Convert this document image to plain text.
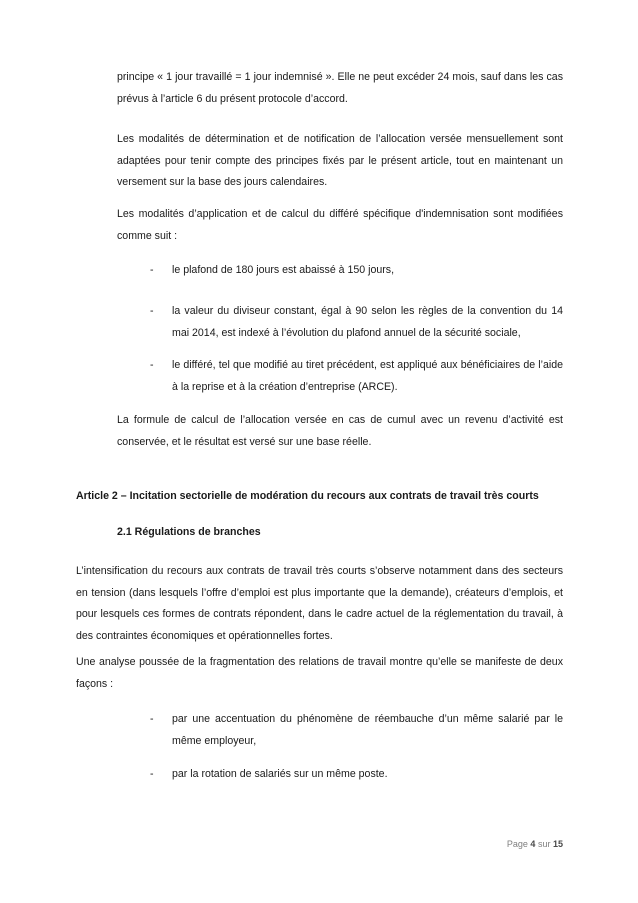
principe « 1 jour travaillé = 1 jour indemnisé ». Elle ne peut excéder 24 mois, sauf dans les cas prévus à l’article 6 du présent protocole d’accord.

Les modalités de détermination et de notification de l’allocation versée mensuellement sont adaptées pour tenir compte des principes fixés par le présent article, tout en maintenant un versement sur la base des jours calendaires.

Les modalités d’application et de calcul du différé spécifique d'indemnisation sont modifiées comme suit :

- le plafond de 180 jours est abaissé à 150 jours,

- la valeur du diviseur constant, égal à 90 selon les règles de la convention du 14 mai 2014, est indexé à l’évolution du plafond annuel de la sécurité sociale,

- le différé, tel que modifié au tiret précédent, est appliqué aux bénéficiaires de l’aide à la reprise et à la création d’entreprise (ARCE).

La formule de calcul de l’allocation versée en cas de cumul avec un revenu d’activité est conservée, et le résultat est versé sur une base réelle.

Article 2 – Incitation sectorielle de modération du recours aux contrats de travail très courts

2.1 Régulations de branches

L’intensification du recours aux contrats de travail très courts s’observe notamment dans des secteurs en tension (dans lesquels l’offre d’emploi est plus importante que la demande), créateurs d’emplois, et pour lesquels ces formes de contrats répondent, dans le cadre actuel de la réglementation du travail, à des contraintes économiques et opérationnelles fortes.

Une analyse poussée de la fragmentation des relations de travail montre qu’elle se manifeste de deux façons :

- par une accentuation du phénomène de réembauche d’un même salarié par le même employeur,

- par la rotation de salariés sur un même poste.

Page 4 sur 15
